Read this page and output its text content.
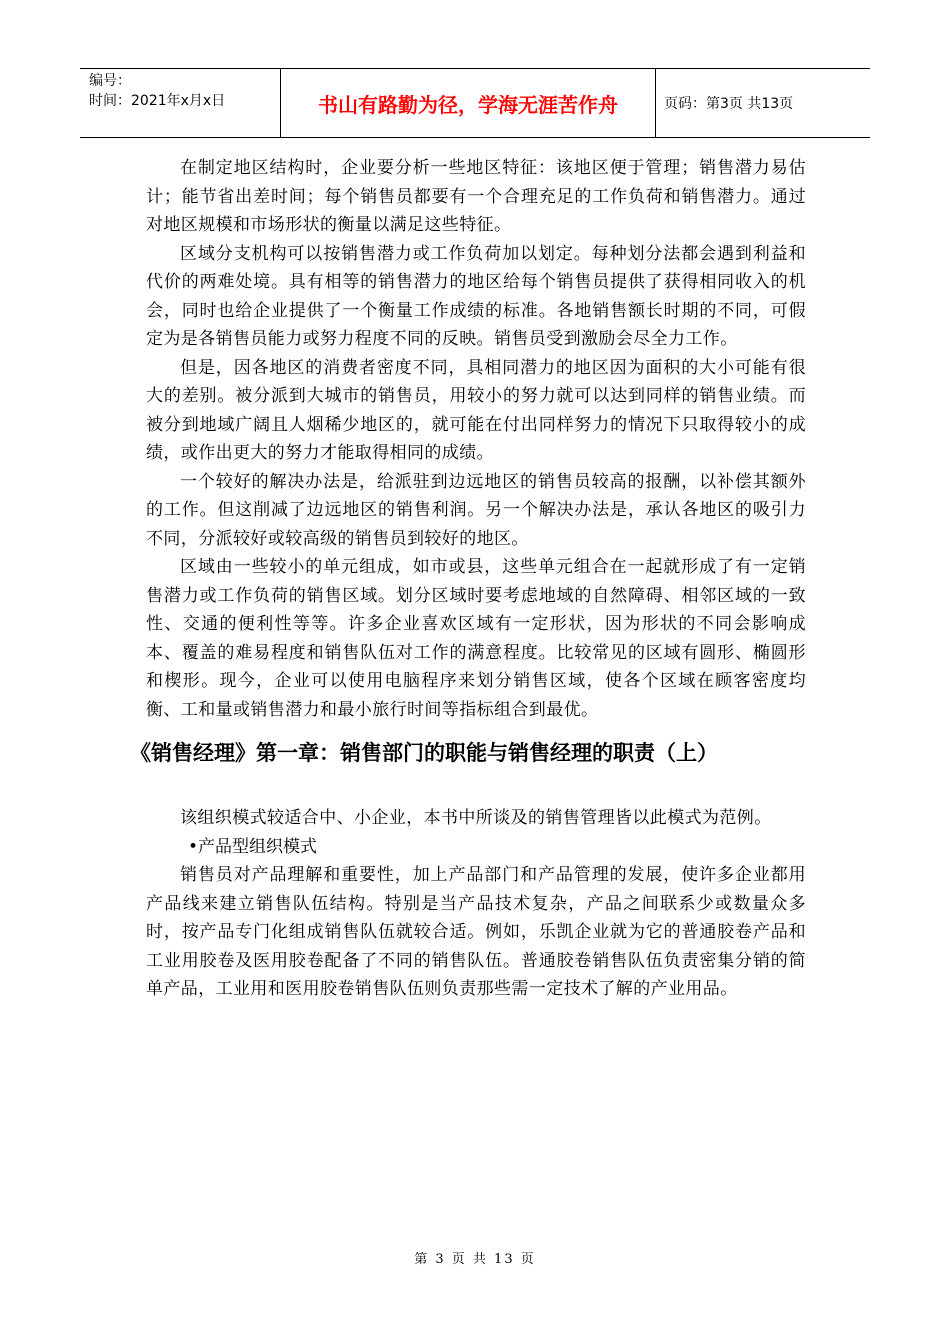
编号：
时间：2021年x月x日	书山有路勤为径，学海无涯苦作舟	页码：第3页 共13页

在制定地区结构时，企业要分析一些地区特征：该地区便于管理；销售潜力易估计；能节省出差时间；每个销售员都要有一个合理充足的工作负荷和销售潜力。通过对地区规模和市场形状的衡量以满足这些特征。

区域分支机构可以按销售潜力或工作负荷加以划定。每种划分法都会遇到利益和代价的两难处境。具有相等的销售潜力的地区给每个销售员提供了获得相同收入的机会，同时也给企业提供了一个衡量工作成绩的标准。各地销售额长时期的不同，可假定为是各销售员能力或努力程度不同的反映。销售员受到激励会尽全力工作。

但是，因各地区的消费者密度不同，具相同潜力的地区因为面积的大小可能有很大的差别。被分派到大城市的销售员，用较小的努力就可以达到同样的销售业绩。而被分到地域广阔且人烟稀少地区的，就可能在付出同样努力的情况下只取得较小的成绩，或作出更大的努力才能取得相同的成绩。

一个较好的解决办法是，给派驻到边远地区的销售员较高的报酬，以补偿其额外的工作。但这削减了边远地区的销售利润。另一个解决办法是，承认各地区的吸引力不同，分派较好或较高级的销售员到较好的地区。

区域由一些较小的单元组成，如市或县，这些单元组合在一起就形成了有一定销售潜力或工作负荷的销售区域。划分区域时要考虑地域的自然障碍、相邻区域的一致性、交通的便利性等等。许多企业喜欢区域有一定形状，因为形状的不同会影响成本、覆盖的难易程度和销售队伍对工作的满意程度。比较常见的区域有圆形、椭圆形和楔形。现今，企业可以使用电脑程序来划分销售区域，使各个区域在顾客密度均衡、工和量或销售潜力和最小旅行时间等指标组合到最优。

《销售经理》第一章：销售部门的职能与销售经理的职责（上）

该组织模式较适合中、小企业，本书中所谈及的销售管理皆以此模式为范例。

•产品型组织模式

销售员对产品理解和重要性，加上产品部门和产品管理的发展，使许多企业都用产品线来建立销售队伍结构。特别是当产品技术复杂，产品之间联系少或数量众多时，按产品专门化组成销售队伍就较合适。例如，乐凯企业就为它的普通胶卷产品和工业用胶卷及医用胶卷配备了不同的销售队伍。普通胶卷销售队伍负责密集分销的简单产品，工业用和医用胶卷销售队伍则负责那些需一定技术了解的产业用品。

第 3 页 共 13 页
